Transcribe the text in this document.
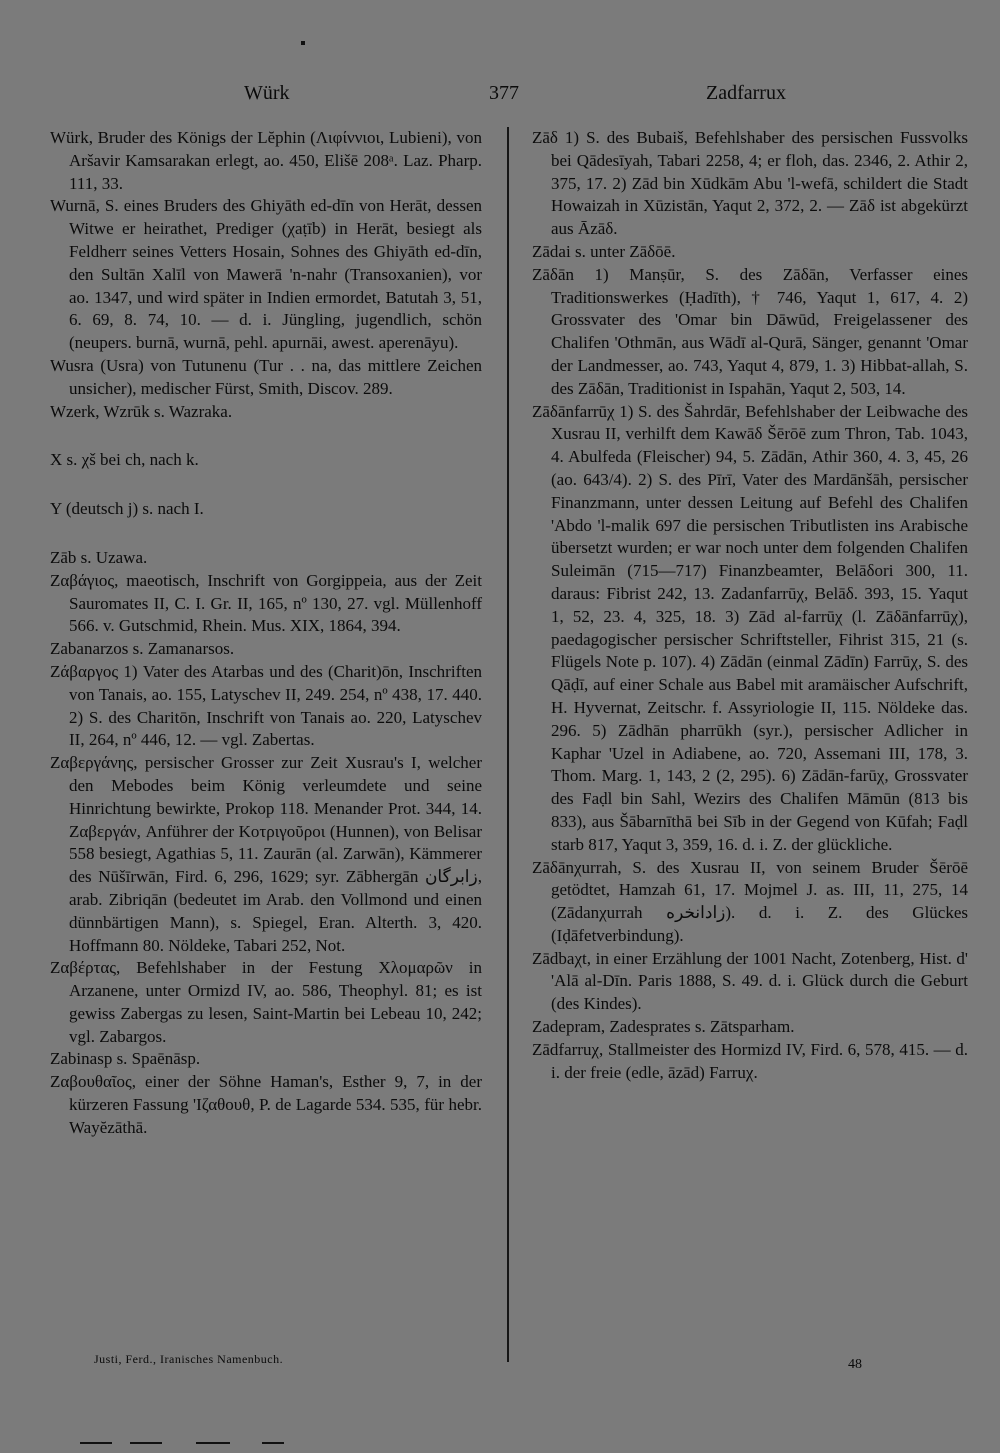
Würk	377	Zadfarrux
Würk, Bruder des Königs der Lĕphin (Λιφίννιοι, Lubieni), von Aršavir Kamsarakan erlegt, ao. 450, Elišē 208ᵃ. Laz. Pharp. 111, 33.
Wurnā, S. eines Bruders des Ghiyāth ed-dīn von Herāt, dessen Witwe er heirathet, Prediger (χaṭīb) in Herāt, besiegt als Feldherr seines Vetters Hosain, Sohnes des Ghiyāth ed-dīn, den Sultān Xalīl von Mawerā 'n-nahr (Transoxanien), vor ao. 1347, und wird später in Indien ermordet, Batutah 3, 51, 6. 69, 8. 74, 10. — d. i. Jüngling, jugendlich, schön (neupers. burnā, wurnā, pehl. apurnāi, awest. aperenāyu).
Wusra (Usra) von Tutunenu (Tur . . na, das mittlere Zeichen unsicher), medischer Fürst, Smith, Discov. 289.
Wzerk, Wzrūk s. Wazraka.
X s. χš bei ch, nach k.
Y (deutsch j) s. nach I.
Zāb s. Uzawa.
Ζαβάγιος, maeotisch, Inschrift von Gorgippeia, aus der Zeit Sauromates II, C. I. Gr. II, 165, nº 130, 27. vgl. Müllenhoff 566. v. Gutschmid, Rhein. Mus. XIX, 1864, 394.
Zabanarzos s. Zamanarsos.
Ζάβαργος 1) Vater des Atarbas und des (Charit)ōn, Inschriften von Tanais, ao. 155, Latyschev II, 249. 254, nº 438, 17. 440. 2) S. des Charitōn, Inschrift von Tanais ao. 220, Latyschev II, 264, nº 446, 12. — vgl. Zabertas.
Ζαβεργάνης, persischer Grosser zur Zeit Xusrau's I, welcher den Mebodes beim König verleumdete und seine Hinrichtung bewirkte, Prokop 118. Menander Prot. 344, 14. Ζαβεργάν, Anführer der Κοτριγοῦροι (Hunnen), von Belisar 558 besiegt, Agathias 5, 11. Zaurān (al. Zarwān), Kämmerer des Nūšīrwān, Fird. 6, 296, 1629; syr. Zābhergān زابرگان, arab. Zibriqān (bedeutet im Arab. den Vollmond und einen dünnbärtigen Mann), s. Spiegel, Eran. Alterth. 3, 420. Hoffmann 80. Nöldeke, Tabari 252, Not.
Ζαβέρτας, Befehlshaber in der Festung Χλομαρῶν in Arzanene, unter Ormizd IV, ao. 586, Theophyl. 81; es ist gewiss Zabergas zu lesen, Saint-Martin bei Lebeau 10, 242; vgl. Zabargos.
Zabinasp s. Spaēnāsp.
Ζαβουθαῖος, einer der Söhne Haman's, Esther 9, 7, in der kürzeren Fassung 'Ιζαθουθ, P. de Lagarde 534. 535, für hebr. Wayĕzāthā.
Zāδ 1) S. des Bubaiš, Befehlshaber des persischen Fussvolks bei Qādesīyah, Tabari 2258, 4; er floh, das. 2346, 2. Athir 2, 375, 17. 2) Zād bin Xūdkām Abu 'l-wefā, schildert die Stadt Howaizah in Xūzistān, Yaqut 2, 372, 2. — Zāδ ist abgekürzt aus Āzāδ.
Zādai s. unter Zāδōē.
Zāδān 1) Manṣūr, S. des Zāδān, Verfasser eines Traditionswerkes (Ḥadīth), † 746, Yaqut 1, 617, 4. 2) Grossvater des 'Omar bin Dāwūd, Freigelassener des Chalifen 'Othmān, aus Wādī al-Qurā, Sänger, genannt 'Omar der Landmesser, ao. 743, Yaqut 4, 879, 1. 3) Hibbat-allah, S. des Zāδān, Traditionist in Ispahān, Yaqut 2, 503, 14.
Zāδānfarrūχ 1) S. des Šahrdār, Befehlshaber der Leibwache des Xusrau II, verhilft dem Kawāδ Šērōē zum Thron, Tab. 1043, 4. Abulfeda (Fleischer) 94, 5. Zādān, Athir 360, 4. 3, 45, 26 (ao. 643/4). 2) S. des Pīrī, Vater des Mardānšāh, persischer Finanzmann, unter dessen Leitung auf Befehl des Chalifen 'Abdo 'l-malik 697 die persischen Tributlisten ins Arabische übersetzt wurden; er war noch unter dem folgenden Chalifen Suleimān (715—717) Finanzbeamter, Belāδori 300, 11. daraus: Fibrist 242, 13. Zadanfarrūχ, Belāδ. 393, 15. Yaqut 1, 52, 23. 4, 325, 18. 3) Zād al-farrūχ (l. Zāδānfarrūχ), paedagogischer persischer Schriftsteller, Fihrist 315, 21 (s. Flügels Note p. 107). 4) Zādān (einmal Zādīn) Farrūχ, S. des Qāḍī, auf einer Schale aus Babel mit aramäischer Aufschrift, H. Hyvernat, Zeitschr. f. Assyriologie II, 115. Nöldeke das. 296. 5) Zādhān pharrūkh (syr.), persischer Adlicher in Kaphar 'Uzel in Adiabene, ao. 720, Assemani III, 178, 3. Thom. Marg. 1, 143, 2 (2, 295). 6) Zādān-farūχ, Grossvater des Faḍl bin Sahl, Wezirs des Chalifen Māmūn (813 bis 833), aus Šābarnīthā bei Sīb in der Gegend von Kūfah; Faḍl starb 817, Yaqut 3, 359, 16. d. i. Z. der glückliche.
Zāδānχurrah, S. des Xusrau II, von seinem Bruder Šērōē getödtet, Hamzah 61, 17. Mojmel J. as. III, 11, 275, 14 (Zādanχurrah زادانخره). d. i. Z. des Glückes (Iḍāfetverbindung).
Zādbaχt, in einer Erzählung der 1001 Nacht, Zotenberg, Hist. d' 'Alā al-Dīn. Paris 1888, S. 49. d. i. Glück durch die Geburt (des Kindes).
Zadepram, Zadesprates s. Zātsparham.
Zādfarruχ, Stallmeister des Hormizd IV, Fird. 6, 578, 415. — d. i. der freie (edle, āzād) Farruχ.
Justi, Ferd., Iranisches Namenbuch.	48
